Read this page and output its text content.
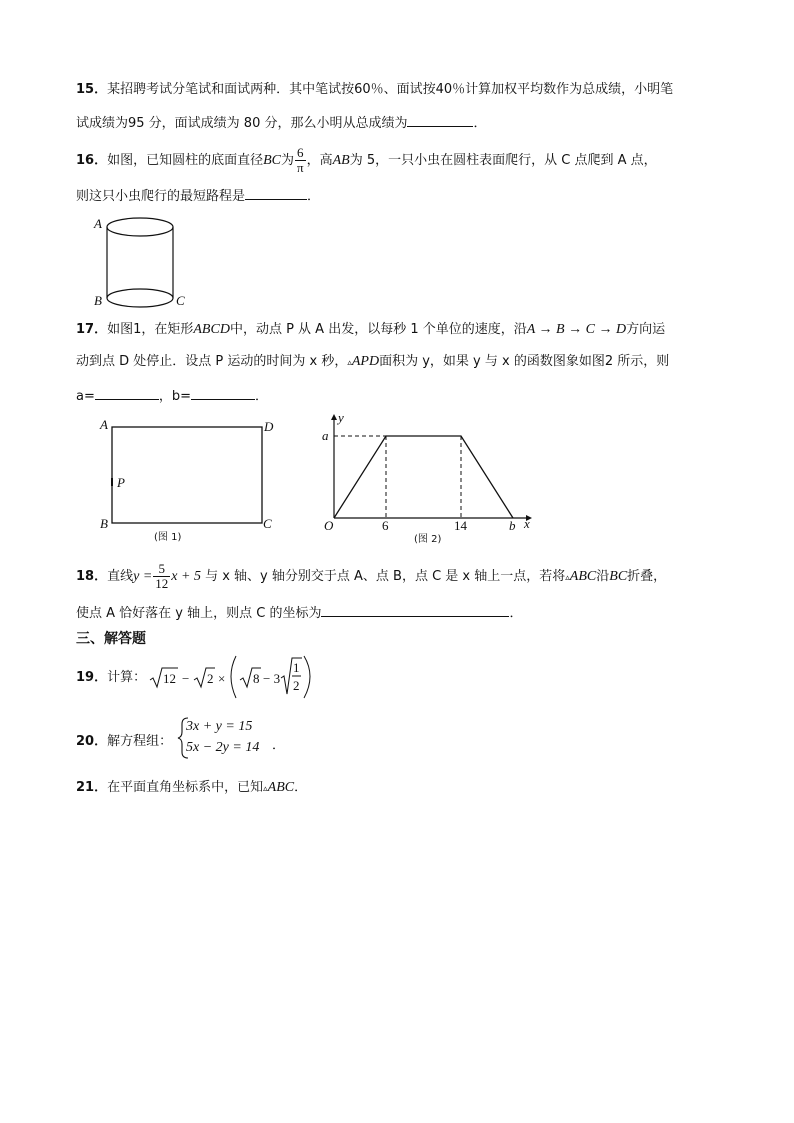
15．某招聘考试分笔试和面试两种．其中笔试按60％、面试按40％计算加权平均数作为总成绩，小明笔
试成绩为95 分，面试成绩为 80 分，那么小明从总成绩为	．
16．如图，已知圆柱的底面直径BC为 $\frac{6}{\pi}$ ，高AB为 5，一只小虫在圆柱表面爬行，从 C 点爬到 A 点，
则这只小虫爬行的最短路程是	．
A
B	C
17．如图1，在矩形ABCD中，动点 P 从 A 出发，以每秒 1 个单位的速度，沿A → B → C → D方向运
动到点 D 处停止．设点 P 运动的时间为 x 秒，▵APD面积为 y，如果 y 与 x 的函数图象如图2 所示，则
a=	，b=	．
A	D
P
B	C
(图 1)
y
a
O	6	14	b x
(图 2)
18．直线$y = \frac{5}{12}$ x + 5 与 x 轴、y 轴分别交于点 A、点 B，点 C 是 x 轴上一点，若将▵ABC沿BC折叠，
使点 A 恰好落在 y 轴上，则点 C 的坐标为	．
三、解答题
19．计算： 12 − 2 × 8 − 3
1
2
20．解方程组：
3x + y = 15
5x − 2y = 14 ．
21．在平面直角坐标系中，已知▵ABC．
